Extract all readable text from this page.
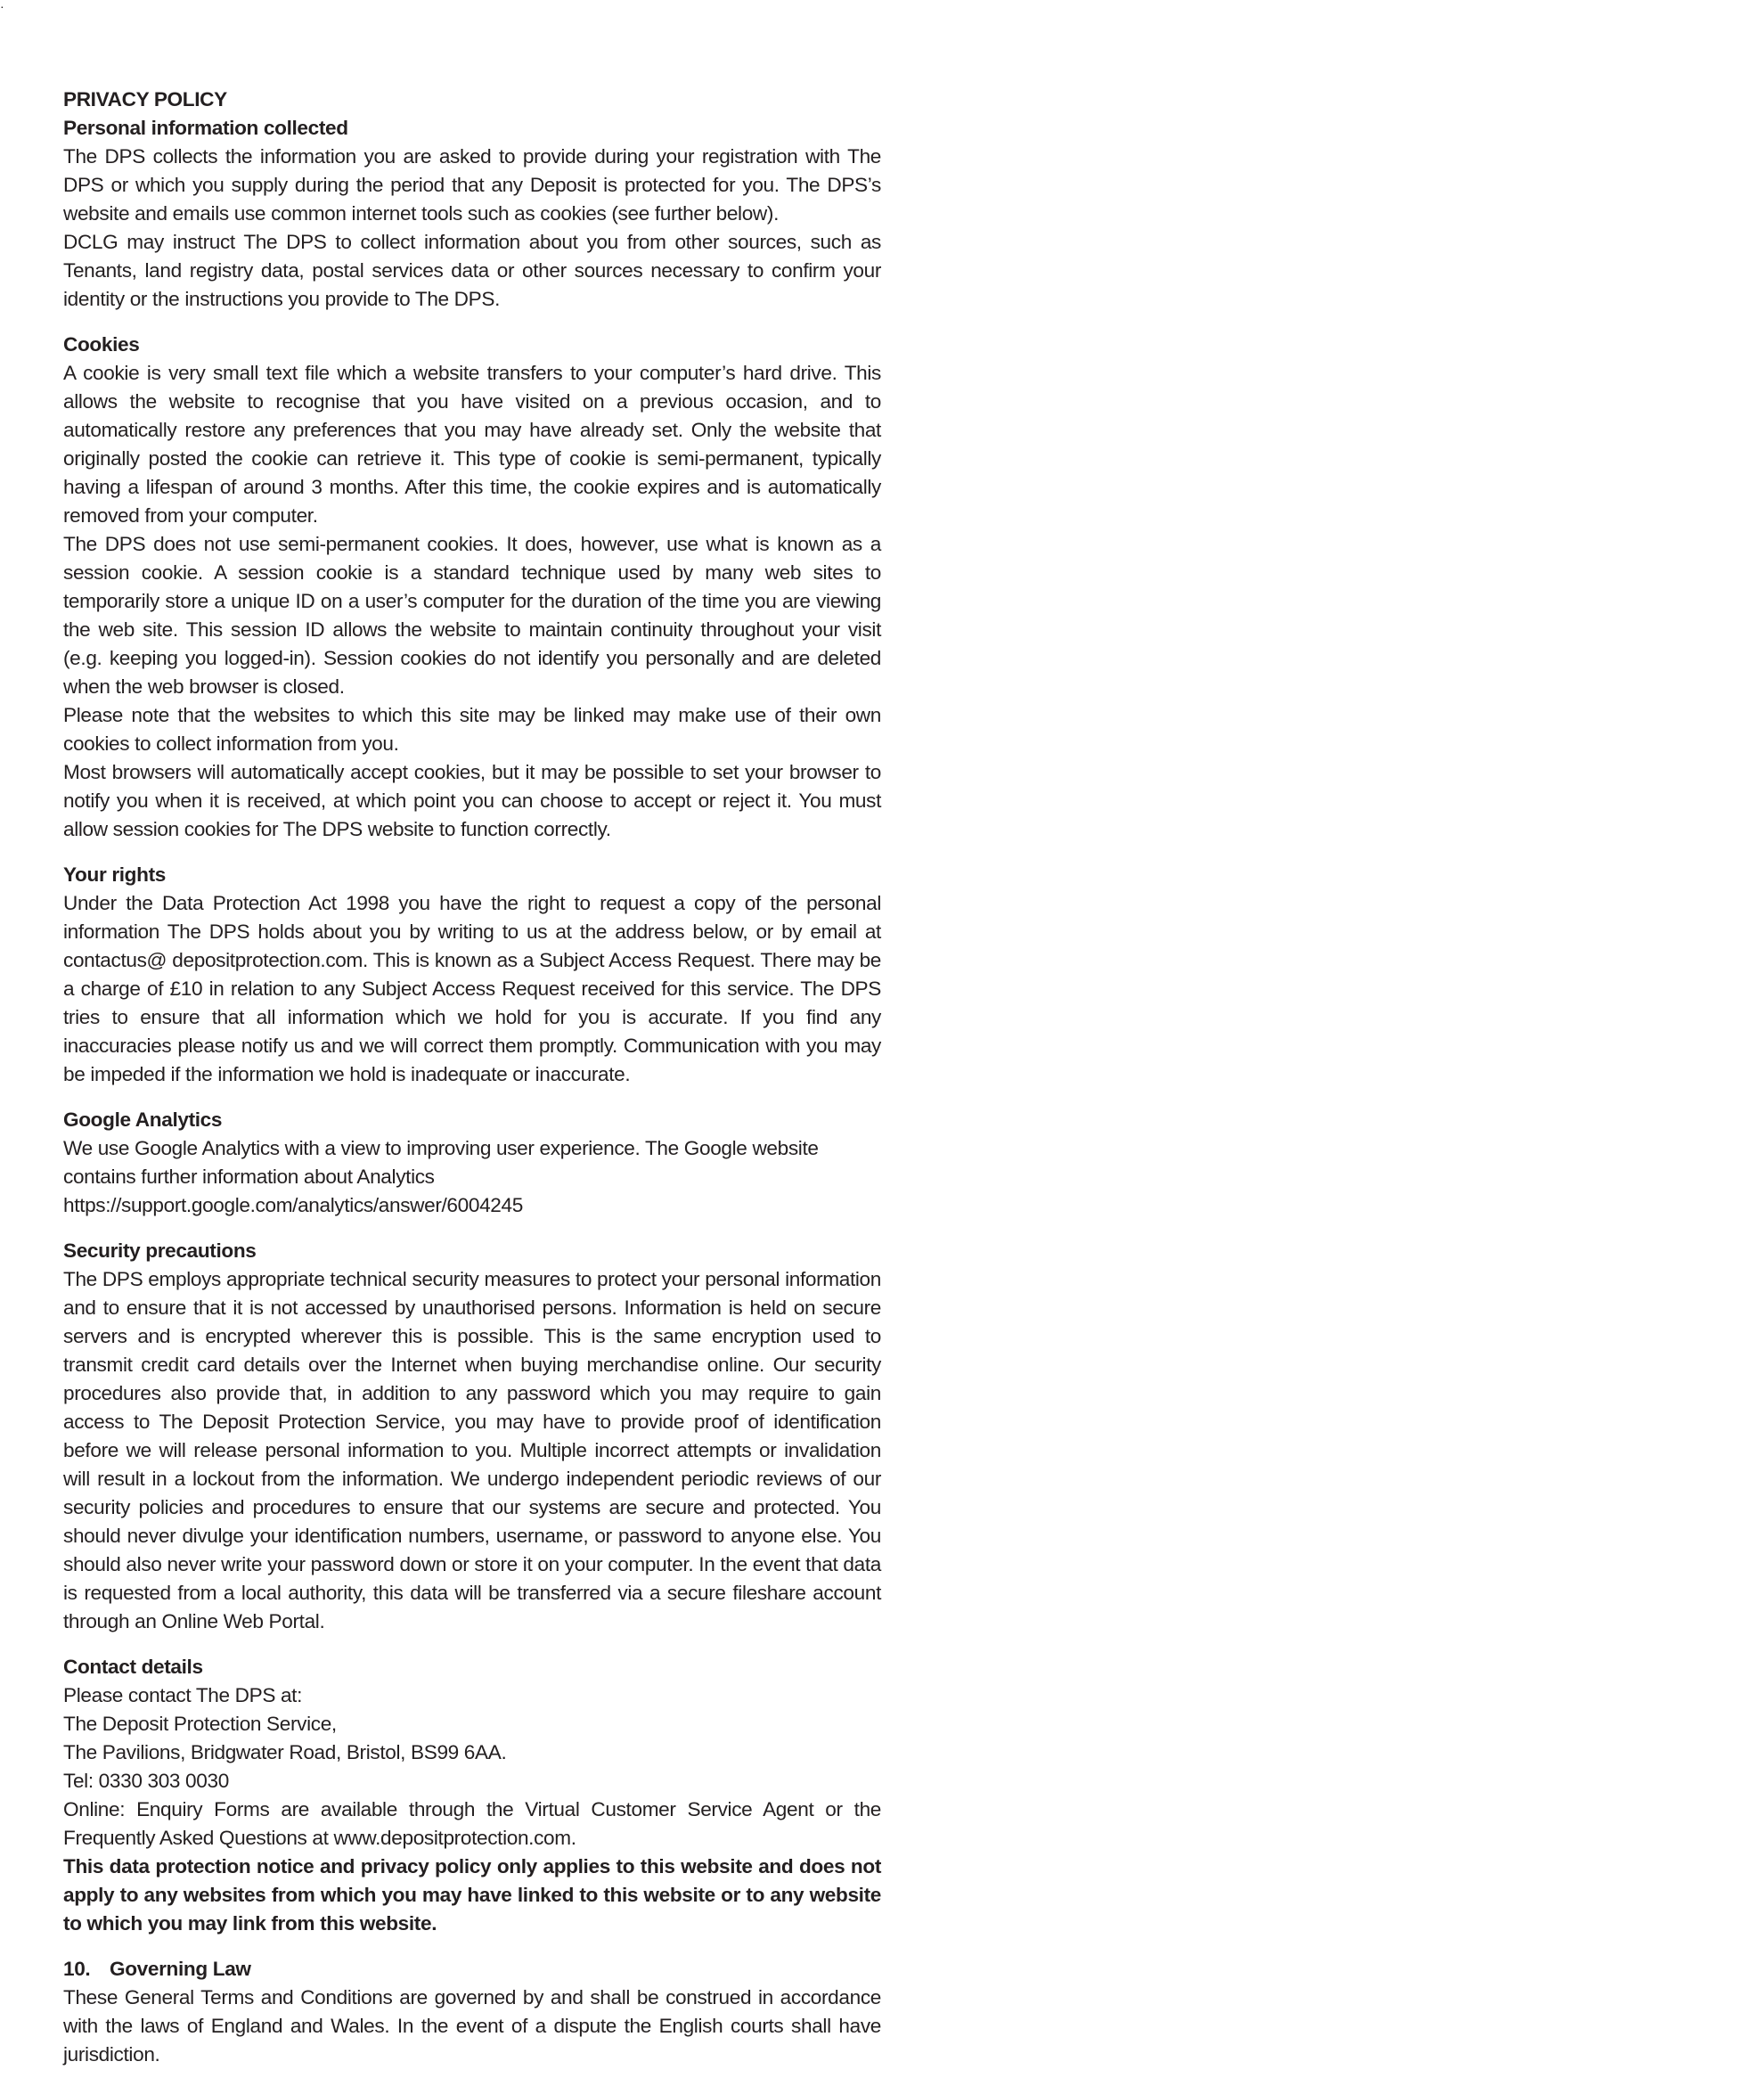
·
PRIVACY POLICY
Personal information collected

The DPS collects the information you are asked to provide during your registration with The DPS or which you supply during the period that any Deposit is protected for you. The DPS’s website and emails use common internet tools such as cookies (see further below).

DCLG may instruct The DPS to collect information about you from other sources, such as Tenants, land registry data, postal services data or other sources necessary to confirm your identity or the instructions you provide to The DPS.

Cookies

A cookie is very small text file which a website transfers to your computer’s hard drive. This allows the website to recognise that you have visited on a previous occasion, and to automatically restore any preferences that you may have already set. Only the website that originally posted the cookie can retrieve it. This type of cookie is semi-permanent, typically having a lifespan of around 3 months. After this time, the cookie expires and is automatically removed from your computer.

The DPS does not use semi-permanent cookies. It does, however, use what is known as a session cookie. A session cookie is a standard technique used by many web sites to temporarily store a unique ID on a user’s computer for the duration of the time you are viewing the web site. This session ID allows the website to maintain continuity throughout your visit (e.g. keeping you logged-in). Session cookies do not identify you personally and are deleted when the web browser is closed.

Please note that the websites to which this site may be linked may make use of their own cookies to collect information from you.

Most browsers will automatically accept cookies, but it may be possible to set your browser to notify you when it is received, at which point you can choose to accept or reject it. You must allow session cookies for The DPS website to function correctly.

Your rights

Under the Data Protection Act 1998 you have the right to request a copy of the personal information The DPS holds about you by writing to us at the address below, or by email at contactus@ depositprotection.com. This is known as a Subject Access Request. There may be a charge of £10 in relation to any Subject Access Request received for this service. The DPS tries to ensure that all information which we hold for you is accurate. If you find any inaccuracies please notify us and we will correct them promptly. Communication with you may be impeded if the information we hold is inadequate or inaccurate.

Google Analytics

We use Google Analytics with a view to improving user experience. The Google website contains further information about Analytics https://support.google.com/analytics/answer/6004245

Security precautions

The DPS employs appropriate technical security measures to protect your personal information and to ensure that it is not accessed by unauthorised persons. Information is held on secure servers and is encrypted wherever this is possible. This is the same encryption used to transmit credit card details over the Internet when buying merchandise online. Our security procedures also provide that, in addition to any password which you may require to gain access to The Deposit Protection Service, you may have to provide proof of identification before we will release personal information to you. Multiple incorrect attempts or invalidation will result in a lockout from the information. We undergo independent periodic reviews of our security policies and procedures to ensure that our systems are secure and protected. You should never divulge your identification numbers, username, or password to anyone else. You should also never write your password down or store it on your computer. In the event that data is requested from a local authority, this data will be transferred via a secure fileshare account through an Online Web Portal.

Contact details

Please contact The DPS at:

The Deposit Protection Service,

The Pavilions, Bridgwater Road, Bristol, BS99 6AA.

Tel: 0330 303 0030

Online: Enquiry Forms are available through the Virtual Customer Service Agent or the Frequently Asked Questions at www.depositprotection.com.

This data protection notice and privacy policy only applies to this website and does not apply to any websites from which you may have linked to this website or to any website to which you may link from this website.

10. Governing Law

These General Terms and Conditions are governed by and shall be construed in accordance with the laws of England and Wales. In the event of a dispute the English courts shall have jurisdiction.
